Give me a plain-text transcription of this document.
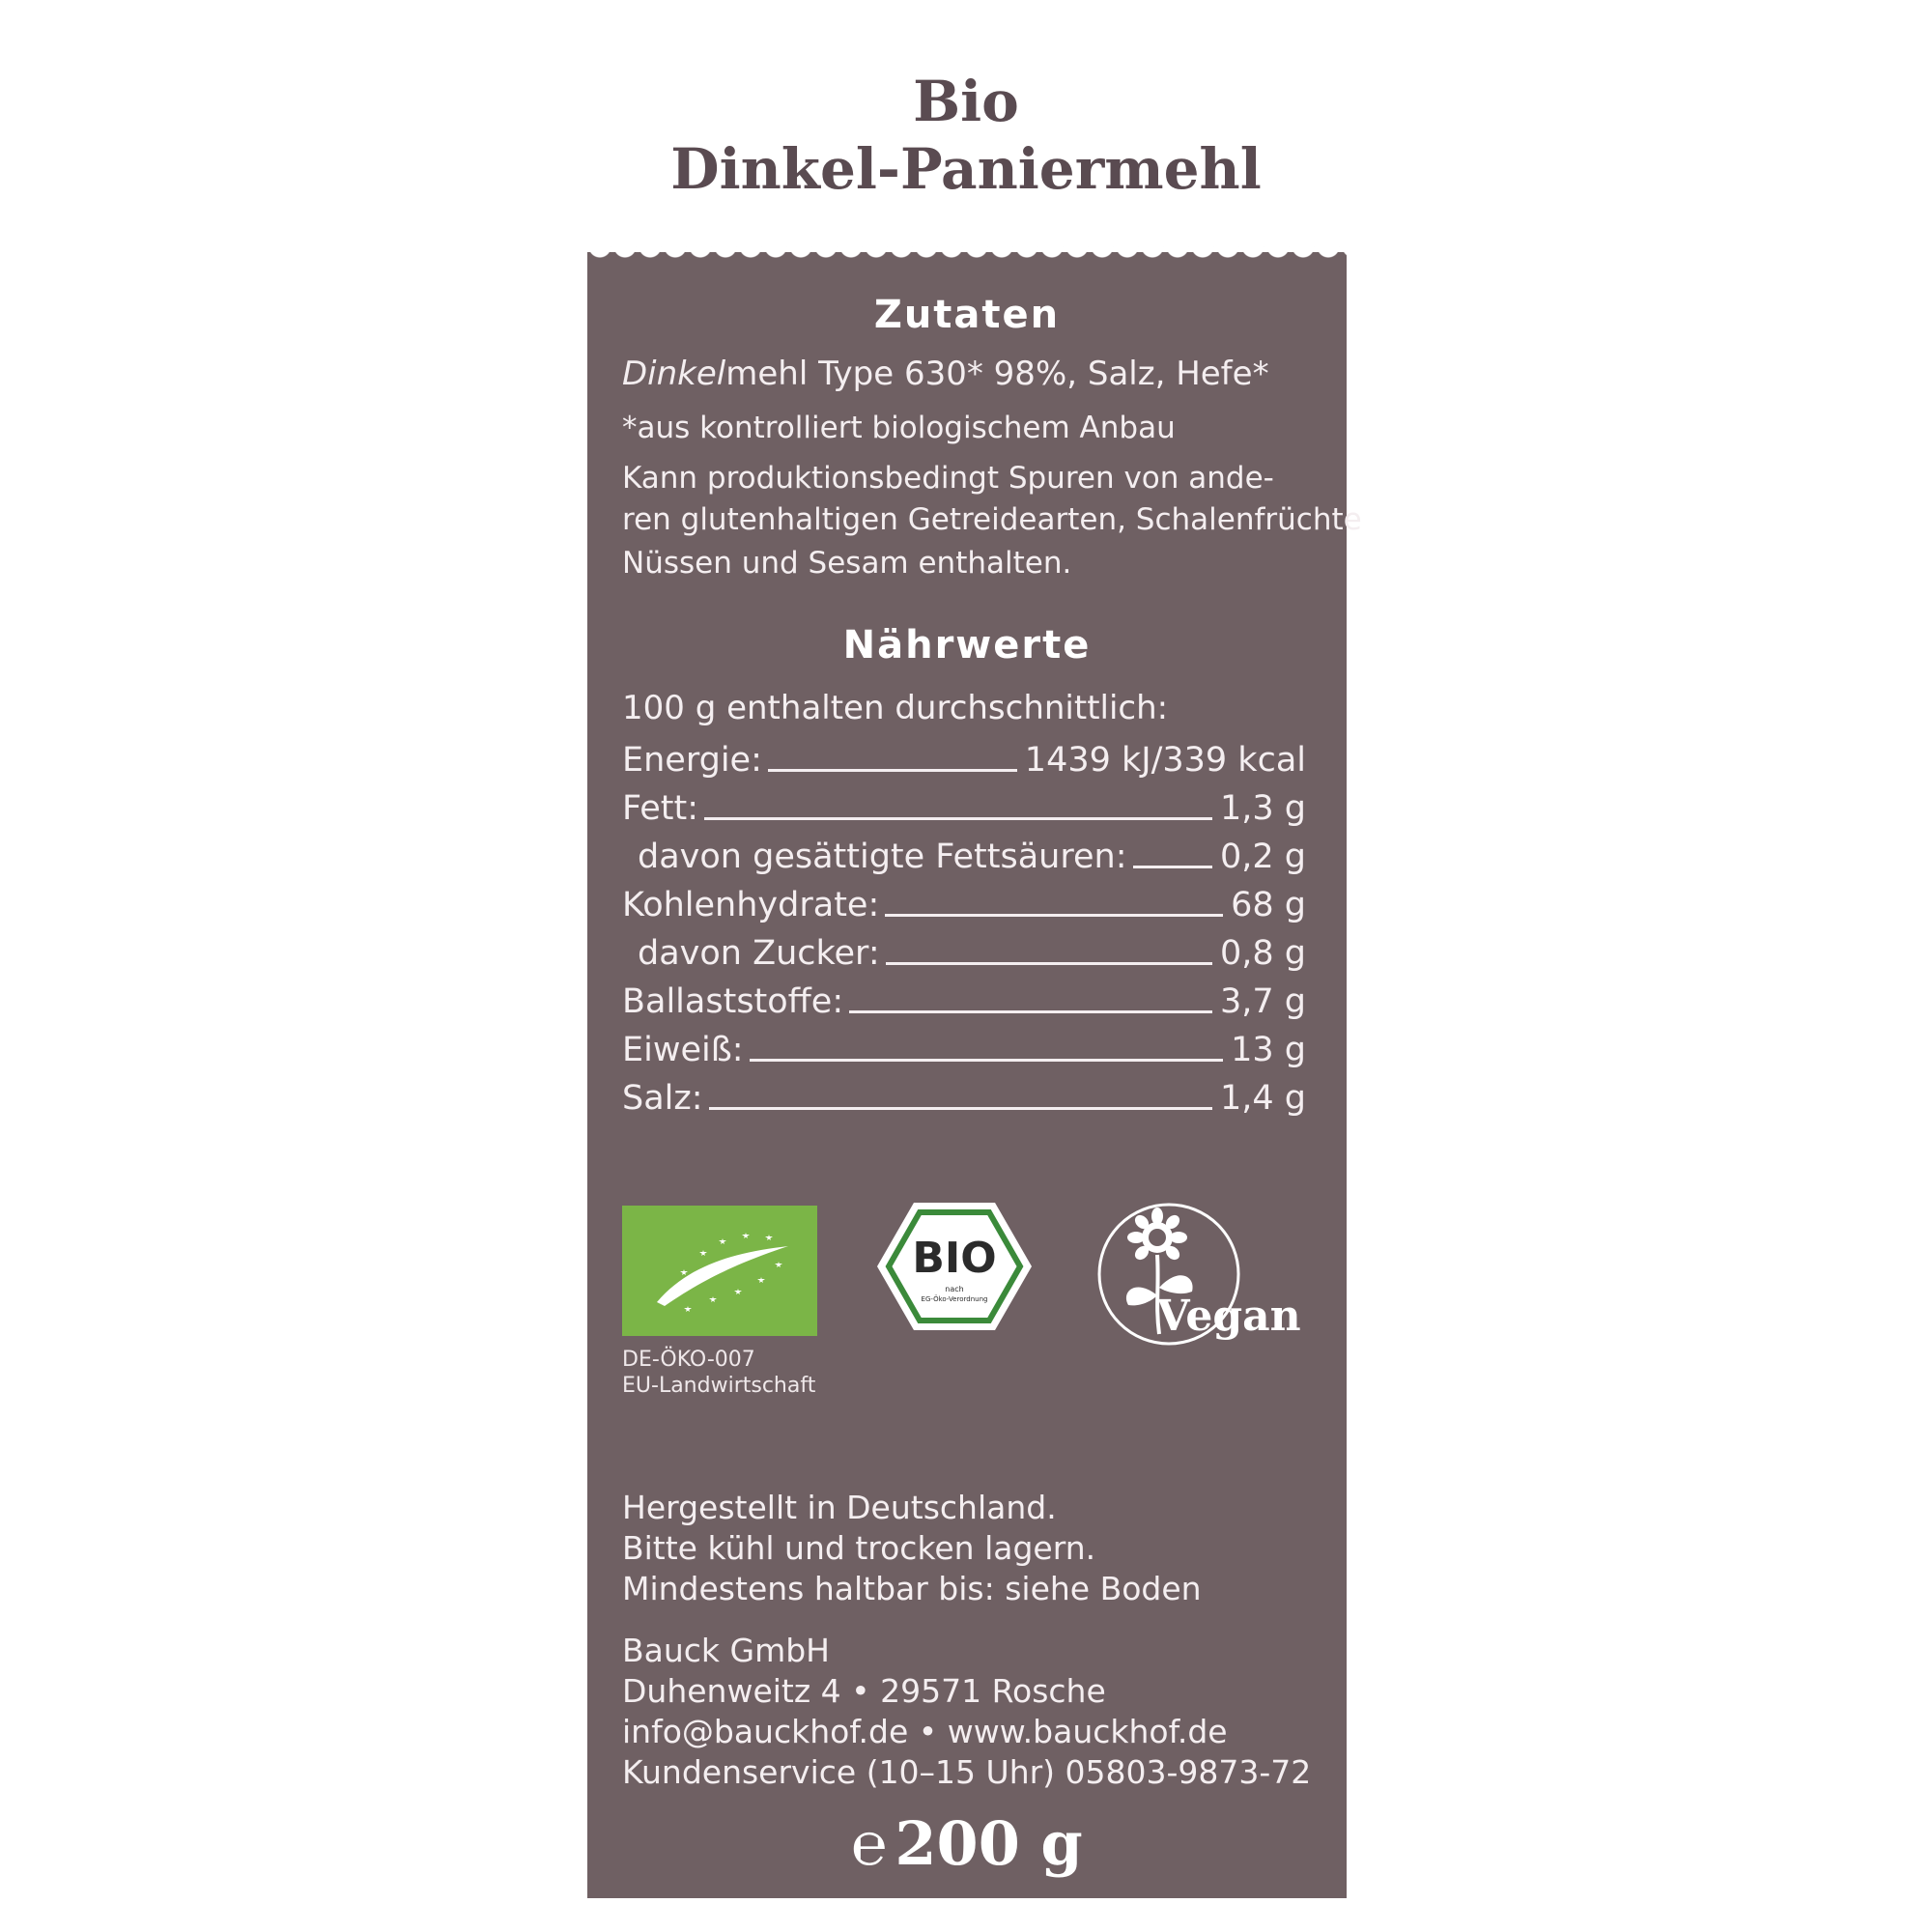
Bio
Dinkel-Paniermehl
Zutaten
Dinkelmehl Type 630* 98%, Salz, Hefe*
*aus kontrolliert biologischem Anbau
Kann produktionsbedingt Spuren von ande-
ren glutenhaltigen Getreidearten, Schalenfrüchte
Nüssen und Sesam enthalten.
Nährwerte
100 g enthalten durchschnittlich:
Energie:	1439 kJ/339 kcal
Fett:	1,3 g
davon gesättigte Fettsäuren:	0,2 g
Kohlenhydrate:	68 g
davon Zucker:	0,8 g
Ballaststoffe:	3,7 g
Eiweiß:	13 g
Salz:	1,4 g
DE-ÖKO-007
EU-Landwirtschaft
BIO
nach
EG-Öko-Verordnung	Vegan
Hergestellt in Deutschland.
Bitte kühl und trocken lagern.
Mindestens haltbar bis: siehe Boden
Bauck GmbH
Duhenweitz 4 • 29571 Rosche
info@bauckhof.de • www.bauckhof.de
Kundenservice (10–15 Uhr) 05803-9873-72
℮ 200 g
